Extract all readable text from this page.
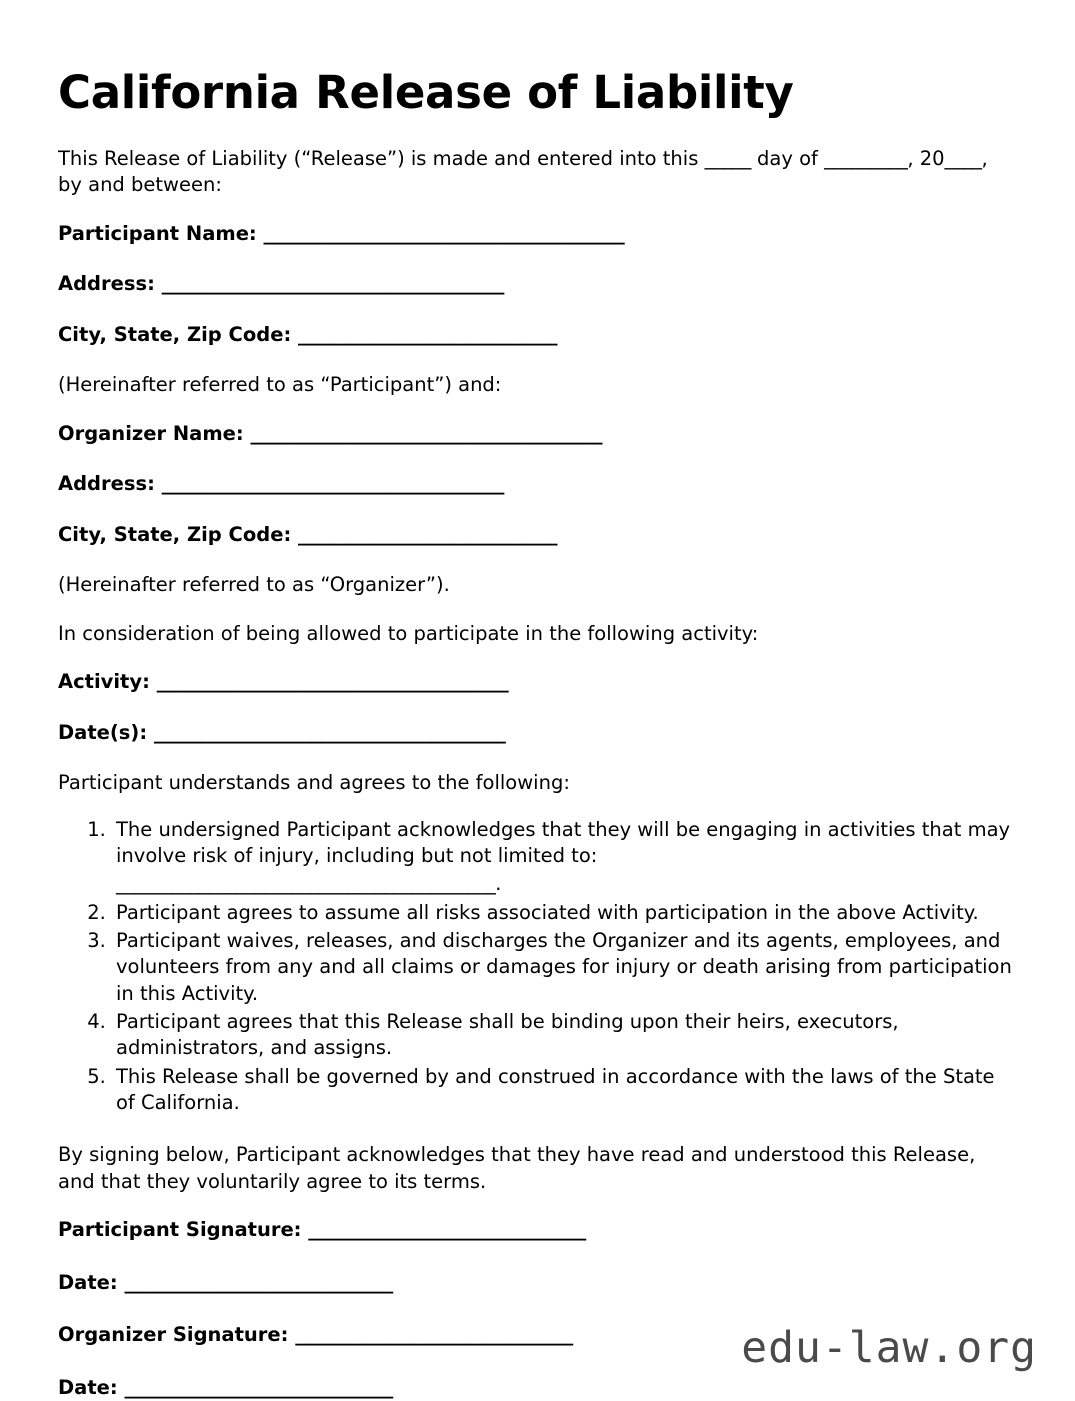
California Release of Liability

This Release of Liability (“Release”) is made and entered into this _____ day of _________, 20____, by and between:

Participant Name: _______________________________________
Address: _____________________________________
City, State, Zip Code: ____________________________

(Hereinafter referred to as “Participant”) and:

Organizer Name: ______________________________________
Address: _____________________________________
City, State, Zip Code: ____________________________

(Hereinafter referred to as “Organizer”).

In consideration of being allowed to participate in the following activity:

Activity: ______________________________________
Date(s): ______________________________________

Participant understands and agrees to the following:

1. The undersigned Participant acknowledges that they will be engaging in activities that may involve risk of injury, including but not limited to:
_________________________________________.
2. Participant agrees to assume all risks associated with participation in the above Activity.
3. Participant waives, releases, and discharges the Organizer and its agents, employees, and volunteers from any and all claims or damages for injury or death arising from participation in this Activity.
4. Participant agrees that this Release shall be binding upon their heirs, executors, administrators, and assigns.
5. This Release shall be governed by and construed in accordance with the laws of the State of California.

By signing below, Participant acknowledges that they have read and understood this Release, and that they voluntarily agree to its terms.

Participant Signature: ______________________________
Date: _____________________________
Organizer Signature: ______________________________
Date: _____________________________
edu-law.org
